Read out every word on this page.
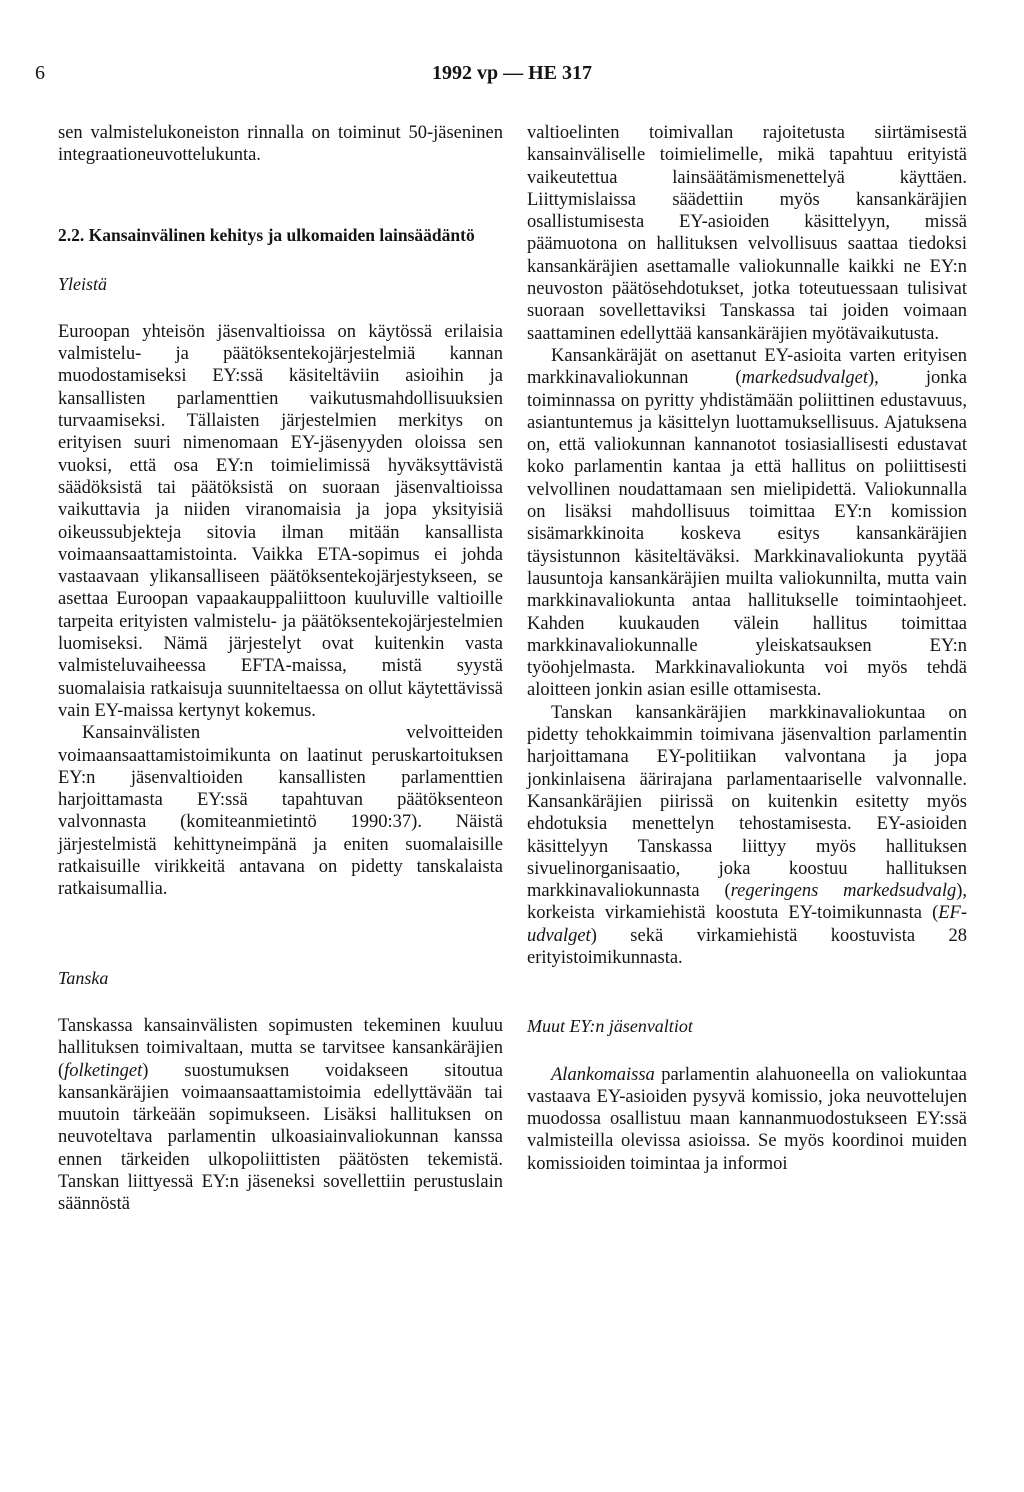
6	1992 vp — HE 317

sen valmistelukoneiston rinnalla on toiminut 50-jäseninen integraationeuvottelukunta.

2.2. Kansainvälinen kehitys ja ulkomaiden lainsäädäntö
Yleistä

Euroopan yhteisön jäsenvaltioissa on käytössä erilaisia valmistelu- ja päätöksentekojärjestelmiä kannan muodostamiseksi EY:ssä käsiteltäviin asioihin ja kansallisten parlamenttien vaikutusmahdollisuuksien turvaamiseksi. Tällaisten järjestelmien merkitys on erityisen suuri nimenomaan EY-jäsenyyden oloissa sen vuoksi, että osa EY:n toimielimissä hyväksyttävistä säädöksistä tai päätöksistä on suoraan jäsenvaltioissa vaikuttavia ja niiden viranomaisia ja jopa yksityisiä oikeussubjekteja sitovia ilman mitään kansallista voimaansaattamistointa. Vaikka ETA-sopimus ei johda vastaavaan ylikansalliseen päätöksentekojärjestykseen, se asettaa Euroopan vapaakauppaliittoon kuuluville valtioille tarpeita erityisten valmistelu- ja päätöksentekojärjestelmien luomiseksi. Nämä järjestelyt ovat kuitenkin vasta valmisteluvaiheessa EFTA-maissa, mistä syystä suomalaisia ratkaisuja suunniteltaessa on ollut käytettävissä vain EY-maissa kertynyt kokemus.

Kansainvälisten velvoitteiden voimaansaattamistoimikunta on laatinut peruskartoituksen EY:n jäsenvaltioiden kansallisten parlamenttien harjoittamasta EY:ssä tapahtuvan päätöksenteon valvonnasta (komiteanmietintö 1990:37). Näistä järjestelmistä kehittyneimpänä ja eniten suomalaisille ratkaisuille virikkeitä antavana on pidetty tanskalaista ratkaisumallia.

Tanska

Tanskassa kansainvälisten sopimusten tekeminen kuuluu hallituksen toimivaltaan, mutta se tarvitsee kansankäräjien (folketinget) suostumuksen voidakseen sitoutua kansankäräjien voimaansaattamistoimia edellyttävään tai muutoin tärkeään sopimukseen. Lisäksi hallituksen on neuvoteltava parlamentin ulkoasiainvaliokunnan kanssa ennen tärkeiden ulkopoliittisten päätösten tekemistä. Tanskan liittyessä EY:n jäseneksi sovellettiin perustuslain säännöstä

valtioelinten toimivallan rajoitetusta siirtämisestä kansainväliselle toimielimelle, mikä tapahtuu erityistä vaikeutettua lainsäätämismenettelyä käyttäen. Liittymislaissa säädettiin myös kansankäräjien osallistumisesta EY-asioiden käsittelyyn, missä päämuotona on hallituksen velvollisuus saattaa tiedoksi kansankäräjien asettamalle valiokunnalle kaikki ne EY:n neuvoston päätösehdotukset, jotka toteutuessaan tulisivat suoraan sovellettaviksi Tanskassa tai joiden voimaan saattaminen edellyttää kansankäräjien myötävaikutusta.

Kansankäräjät on asettanut EY-asioita varten erityisen markkinavaliokunnan (markedsudvalget), jonka toiminnassa on pyritty yhdistämään poliittinen edustavuus, asiantuntemus ja käsittelyn luottamuksellisuus. Ajatuksena on, että valiokunnan kannanotot tosiasiallisesti edustavat koko parlamentin kantaa ja että hallitus on poliittisesti velvollinen noudattamaan sen mielipidettä. Valiokunnalla on lisäksi mahdollisuus toimittaa EY:n komission sisämarkkinoita koskeva esitys kansankäräjien täysistunnon käsiteltäväksi. Markkinavaliokunta pyytää lausuntoja kansankäräjien muilta valiokunnilta, mutta vain markkinavaliokunta antaa hallitukselle toimintaohjeet. Kahden kuukauden välein hallitus toimittaa markkinavaliokunnalle yleiskatsauksen EY:n työohjelmasta. Markkinavaliokunta voi myös tehdä aloitteen jonkin asian esille ottamisesta.

Tanskan kansankäräjien markkinavaliokuntaa on pidetty tehokkaimmin toimivana jäsenvaltion parlamentin harjoittamana EY-politiikan valvontana ja jopa jonkinlaisena äärirajana parlamentaariselle valvonnalle. Kansankäräjien piirissä on kuitenkin esitetty myös ehdotuksia menettelyn tehostamisesta. EY-asioiden käsittelyyn Tanskassa liittyy myös hallituksen sivuelinorganisaatio, joka koostuu hallituksen markkinavaliokunnasta (regeringens markedsudvalg), korkeista virkamiehistä koostuta EY-toimikunnasta (EF-udvalget) sekä virkamiehistä koostuvista 28 erityistoimikunnasta.

Muut EY:n jäsenvaltiot

Alankomaissa parlamentin alahuoneella on valiokuntaa vastaava EY-asioiden pysyvä komissio, joka neuvottelujen muodossa osallistuu maan kannanmuodostukseen EY:ssä valmisteilla olevissa asioissa. Se myös koordinoi muiden komissioiden toimintaa ja informoi
